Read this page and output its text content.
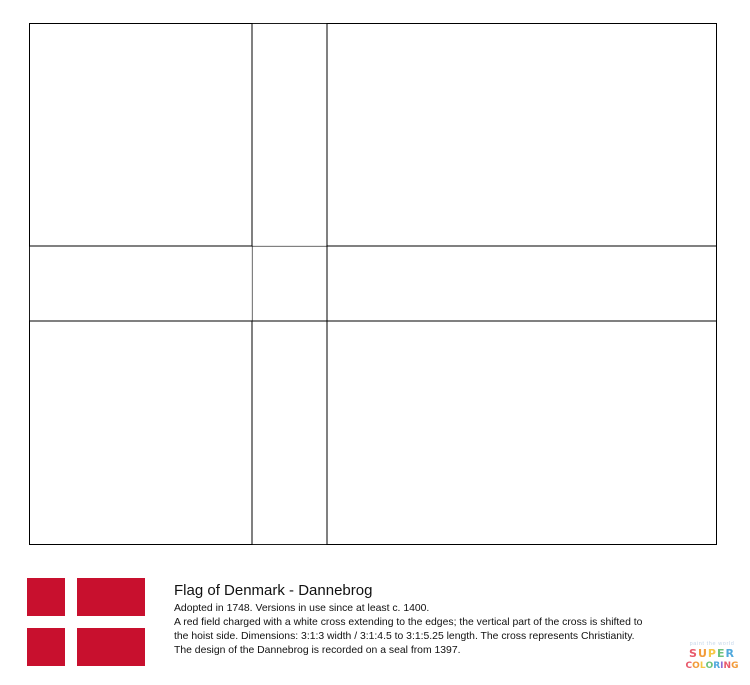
Flag of Denmark - Dannebrog
Adopted in 1748. Versions in use since at least c. 1400.
A red field charged with a white cross extending to the edges; the vertical part of the cross is shifted to
the hoist side. Dimensions: 3:1:3 width / 3:1:4.5 to 3:1:5.25 length. The cross represents Christianity.
The design of the Dannebrog is recorded on a seal from 1397.
paint the world
SUPER
COLORING
